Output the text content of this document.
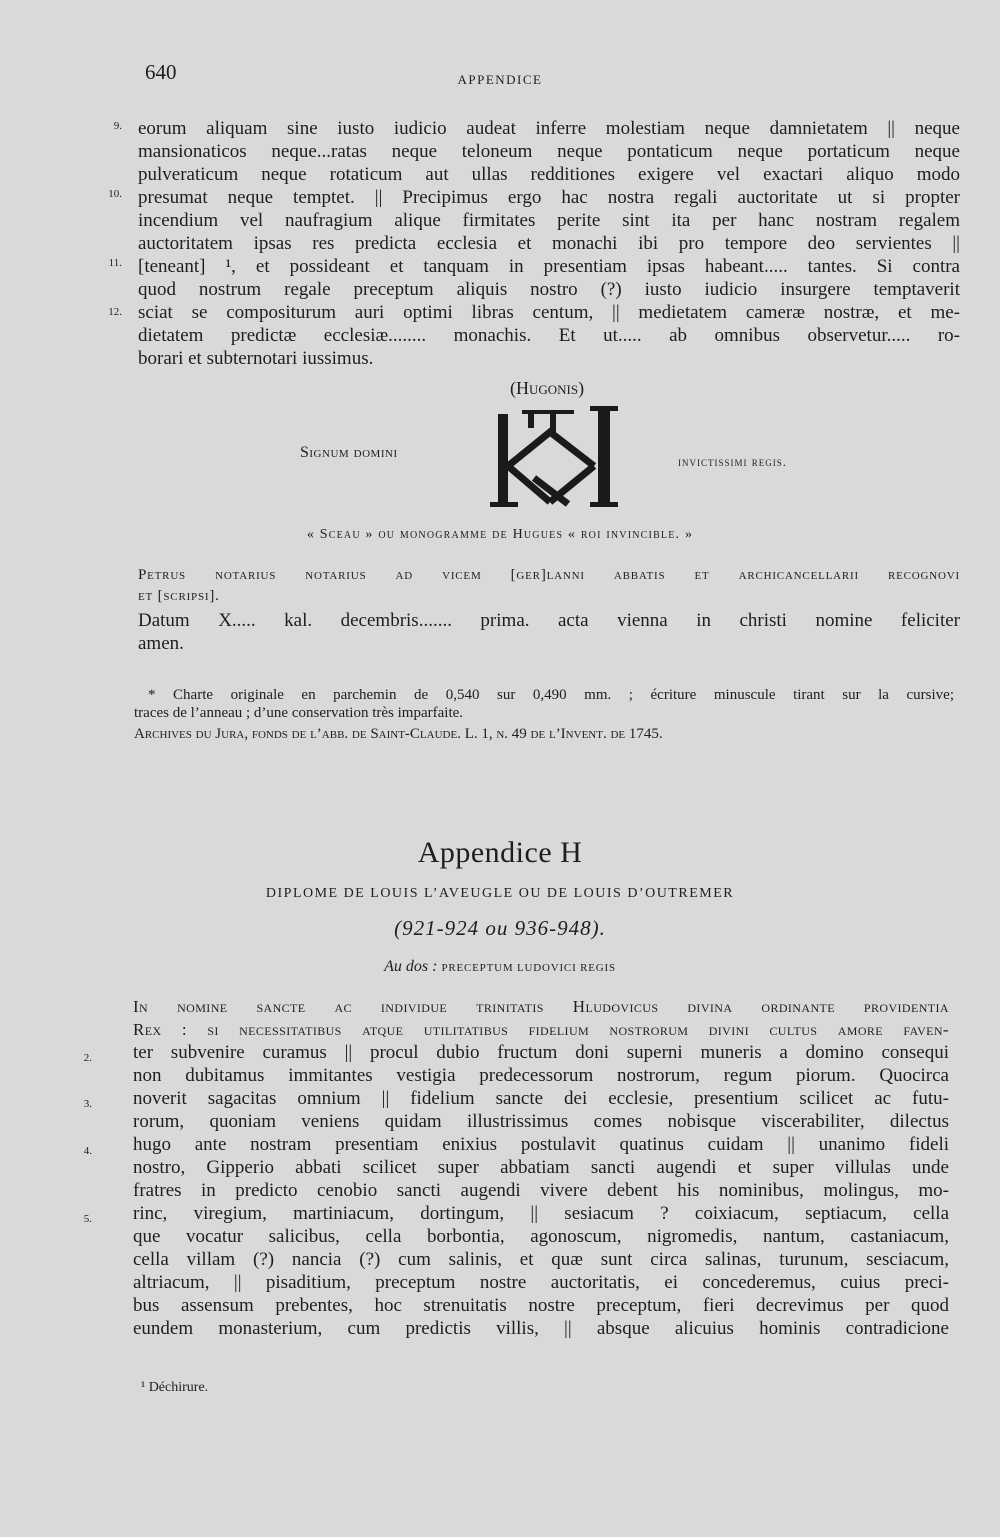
640	APPENDICE
9.
10.
11.
12.

eorum aliquam sine iusto iudicio audeat inferre molestiam neque damnietatem || neque

mansionaticos neque...ratas neque teloneum neque pontaticum neque portaticum neque

pulveraticum neque rotaticum aut ullas redditiones exigere vel exactari aliquo modo

presumat neque temptet. || Precipimus ergo hac nostra regali auctoritate ut si propter

incendium vel naufragium alique firmitates perite sint ita per hanc nostram regalem

auctoritatem ipsas res predicta ecclesia et monachi ibi pro tempore deo servientes ||

[teneant] ¹, et possideant et tanquam in presentiam ipsas habeant..... tantes. Si contra

quod nostrum regale preceptum aliquis nostro (?) iusto iudicio insurgere temptaverit

sciat se compositurum auri optimi libras centum, || medietatem cameræ nostræ, et me-

dietatem predictæ ecclesiæ........ monachis. Et ut..... ab omnibus observetur..... ro-

borari et subternotari iussimus.

(Hugonis)
Signum domini
invictissimi regis.
« Sceau » ou monogramme de Hugues « roi invincible. »

Petrus notarius notarius ad vicem [ger]lanni abbatis et archicancellarii recognovi

et [scripsi].

Datum X..... kal. decembris....... prima. acta vienna in christi nomine feliciter

amen.

* Charte originale en parchemin de 0,540 sur 0,490 mm. ; écriture minuscule tirant sur la cursive;

traces de l’anneau ; d’une conservation très imparfaite.

Archives du Jura, fonds de l’abb. de Saint-Claude. L. 1, n. 49 de l’Invent. de 1745.

Appendice H
DIPLOME DE LOUIS L’AVEUGLE OU DE LOUIS D’OUTREMER
(921-924 ou 936-948).
Au dos : PRECEPTUM LUDOVICI REGIS
2.
3.
4.
5.

In nomine sancte ac individue trinitatis Hludovicus divina ordinante providentia

Rex : si necessitatibus atque utilitatibus fidelium nostrorum divini cultus amore faven-

ter subvenire curamus || procul dubio fructum doni superni muneris a domino consequi

non dubitamus immitantes vestigia predecessorum nostrorum, regum piorum. Quocirca

noverit sagacitas omnium || fidelium sancte dei ecclesie, presentium scilicet ac futu-

rorum, quoniam veniens quidam illustrissimus comes nobisque viscerabiliter, dilectus

hugo ante nostram presentiam enixius postulavit quatinus cuidam || unanimo fideli

nostro, Gipperio abbati scilicet super abbatiam sancti augendi et super villulas unde

fratres in predicto cenobio sancti augendi vivere debent his nominibus, molingus, mo-

rinc, viregium, martiniacum, dortingum, || sesiacum ? coixiacum, septiacum, cella

que vocatur salicibus, cella borbontia, agonoscum, nigromedis, nantum, castaniacum,

cella villam (?) nancia (?) cum salinis, et quæ sunt circa salinas, turunum, sesciacum,

altriacum, || pisaditium, preceptum nostre auctoritatis, ei concederemus, cuius preci-

bus assensum prebentes, hoc strenuitatis nostre preceptum, fieri decrevimus per quod

eundem monasterium, cum predictis villis, || absque alicuius hominis contradicione

¹ Déchirure.
